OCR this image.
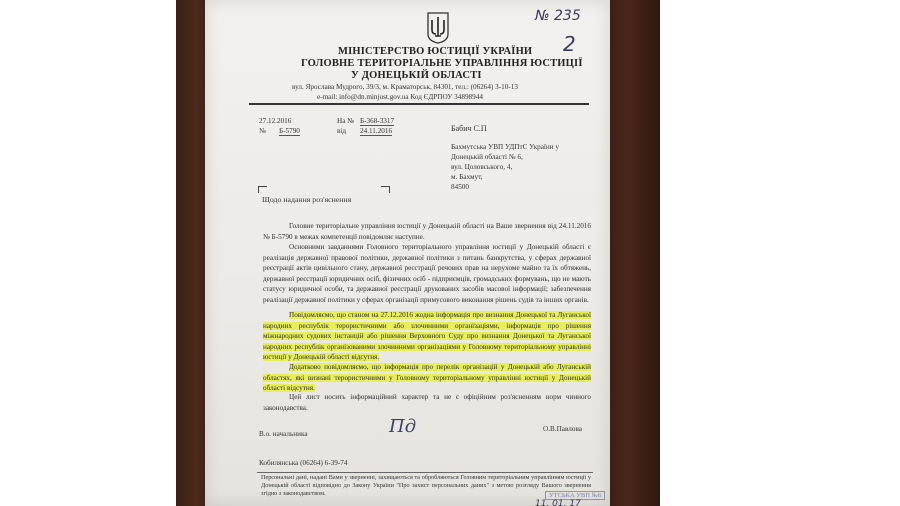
№ 235
2
МІНІСТЕРСТВО ЮСТИЦІЇ УКРАЇНИ
ГОЛОВНЕ ТЕРИТОРІАЛЬНЕ УПРАВЛІННЯ ЮСТИЦІЇ
У ДОНЕЦЬКІЙ ОБЛАСТІ
вул. Ярослава Мудрого, 39/3, м. Краматорськ, 84301, тел.: (06264) 3-10-13
e-mail: info@dn.minjust.gov.ua Код ЄДРПОУ 34898944
27.12.2016
№ Б-5790
На № Б-368-3317
від 24.11.2016	Бабич С.П
Бахмутська УВП УДПтС України у
Донецькій області № 6,
вул. Цоловського, 4,
м. Бахмут,
84500
Щодо надання роз'яснення
Головне територіальне управління юстиції у Донецькій області на Ваше звернення від 24.11.2016 № Б-5790 в межах компетенції повідомляє наступне.
Основними завданнями Головного територіального управління юстиції у Донецькій області є реалізація державної правової політики, державної політики з питань банкрутства, у сферах державної реєстрації актів цивільного стану, державної реєстрації речових прав на нерухоме майно та їх обтяжень, державної реєстрації юридичних осіб, фізичних осіб - підприємців, громадських формувань, що не мають статусу юридичної особи, та державної реєстрації друкованих засобів масової інформації; забезпечення реалізації державної політики у сферах організації примусового виконання рішень судів та інших органів.
Повідомляємо, що станом на 27.12.2016 жодна інформація про визнання Донецької та Луганської народних республік терористичними або злочинними організаціями, інформація про рішення міжнародних судових інстанцій або рішення Верховного Суду про визнання Донецької та Луганської народних республік організованими злочинними організаціями у Головному територіальному управлінні юстиції у Донецькій області відсутня.
Додатково повідомляємо, що інформація про перелік організацій у Донецькій або Луганській областях, які визнані терористичними у Головному територіальному управлінні юстиції у Донецькій області відсутня.
Цей лист носить інформаційний характер та не є офіційним роз'ясненням норм чинного законодавства.
В.о. начальника	Пд	О.В.Павлова
Кобилянська (06264) 6-39-74
Персональні дані, надані Вами у зверненні, захищаються та обробляються Головним територіальним управлінням юстиції у Донецькій області відповідно до Закону України "Про захист персональних даних" з метою розгляду Вашого звернення згідно з законодавством.	УТСЬКА УВП №6
11. 01. 17
